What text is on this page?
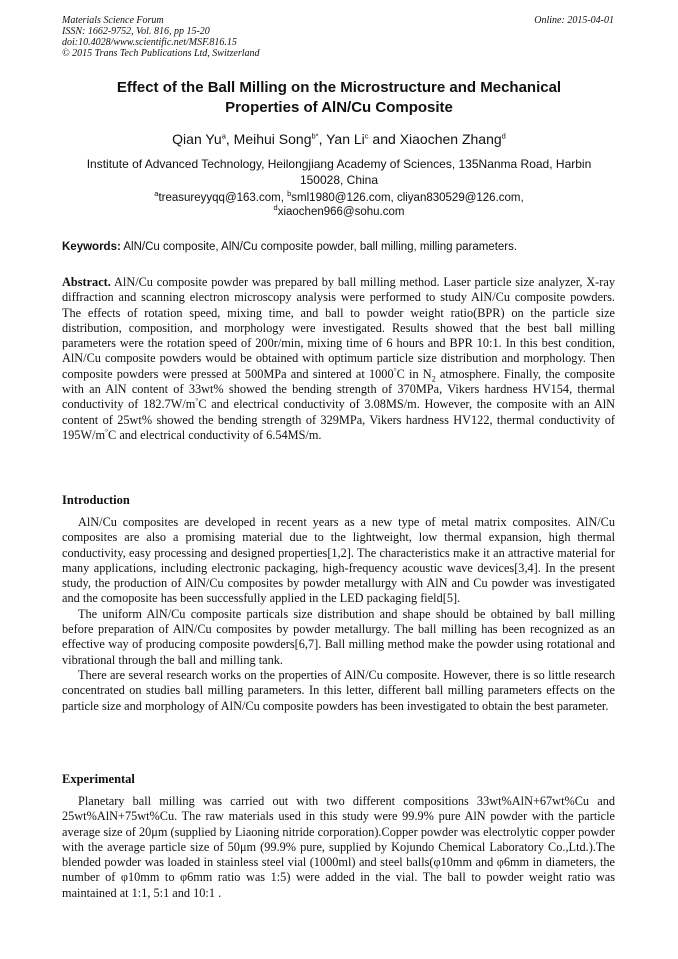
Materials Science Forum
ISSN: 1662-9752, Vol. 816, pp 15-20
doi:10.4028/www.scientific.net/MSF.816.15
© 2015 Trans Tech Publications Ltd, Switzerland
Online: 2015-04-01
Effect of the Ball Milling on the Microstructure and Mechanical
Properties of AlN/Cu Composite
Qian Yu$^a$, Meihui Song$^{b*}$, Yan Li$^c$ and Xiaochen Zhang$^d$
Institute of Advanced Technology, Heilongjiang Academy of Sciences, 135Nanma Road, Harbin
150028, China
$^a$treasureyyqq@163.com, $^b$sml1980@126.com, cliyan830529@126.com,
$^d$xiaochen966@sohu.com
Keywords: AlN/Cu composite, AlN/Cu composite powder, ball milling, milling parameters.
Abstract. AlN/Cu composite powder was prepared by ball milling method. Laser particle size analyzer, X-ray diffraction and scanning electron microscopy analysis were performed to study AlN/Cu composite powders. The effects of rotation speed, mixing time, and ball to powder weight ratio(BPR) on the particle size distribution, composition, and morphology were investigated. Results showed that the best ball milling parameters were the rotation speed of 200r/min, mixing time of 6 hours and BPR 10:1. In this best condition, AlN/Cu composite powders would be obtained with optimum particle size distribution and morphology. Then composite powders were pressed at 500MPa and sintered at 1000°C in $N_2$ atmosphere. Finally, the composite with an AlN content of 33wt% showed the bending strength of 370MPa, Vikers hardness HV154, thermal conductivity of 182.7W/m°C and electrical conductivity of 3.08MS/m. However, the composite with an AlN content of 25wt% showed the bending strength of 329MPa, Vikers hardness HV122, thermal conductivity of 195W/m°C and electrical conductivity of 6.54MS/m.
Introduction

AlN/Cu composites are developed in recent years as a new type of metal matrix composites. AlN/Cu composites are also a promising material due to the lightweight, low thermal expansion, high thermal conductivity, easy processing and designed properties[1,2]. The characteristics make it an attractive material for many applications, including electronic packaging, high-frequency acoustic wave devices[3,4]. In the present study, the production of AlN/Cu composites by powder metallurgy with AlN and Cu powder was investigated and the comoposite has been successfully applied in the LED packaging field[5].

The uniform AlN/Cu composite particals size distribution and shape should be obtained by ball milling before preparation of AlN/Cu composites by powder metallurgy. The ball milling has been recognized as an effective way of producing composite powders[6,7]. Ball milling method make the powder using rotational and vibrational through the ball and milling tank.

There are several research works on the properties of AlN/Cu composite. However, there is so little research concentrated on studies ball milling parameters. In this letter, different ball milling parameters effects on the particle size and morphology of AlN/Cu composite powders has been investigated to obtain the best parameter.

Experimental

Planetary ball milling was carried out with two different compositions 33wt%AlN+67wt%Cu and 25wt%AlN+75wt%Cu. The raw materials used in this study were 99.9% pure AlN powder with the particle average size of 20μm (supplied by Liaoning nitride corporation).Copper powder was electrolytic copper powder with the average particle size of 50μm (99.9% pure, supplied by Kojundo Chemical Laboratory Co.,Ltd.).The blended powder was loaded in stainless steel vial (1000ml) and steel balls(φ10mm and φ6mm in diameters, the number of φ10mm to φ6mm ratio was 1:5) were added in the vial. The ball to powder weight ratio was maintained at 1:1, 5:1 and 10:1 .
